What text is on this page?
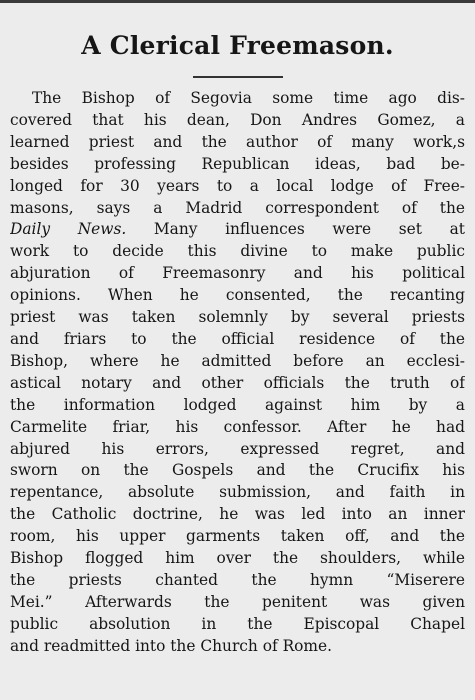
A Clerical Freemason.
The Bishop of Segovia some time ago dis-
covered that his dean, Don Andres Gomez, a
learned priest and the author of many work,s
besides professing Republican ideas, bad be-
longed for 30 years to a local lodge of Free-
masons, says a Madrid correspondent of the
Daily News. Many influences were set at
work to decide this divine to make public
abjuration of Freemasonry and his political
opinions. When he consented, the recanting
priest was taken solemnly by several priests
and friars to the official residence of the
Bishop, where he admitted before an ecclesi-
astical notary and other officials the truth of
the information lodged against him by a
Carmelite friar, his confessor. After he had
abjured his errors, expressed regret, and
sworn on the Gospels and the Crucifix his
repentance, absolute submission, and faith in
the Catholic doctrine, he was led into an inner
room, his upper garments taken off, and the
Bishop flogged him over the shoulders, while
the priests chanted the hymn “Miserere
Mei.” Afterwards the penitent was given
public absolution in the Episcopal Chapel
and readmitted into the Church of Rome.
